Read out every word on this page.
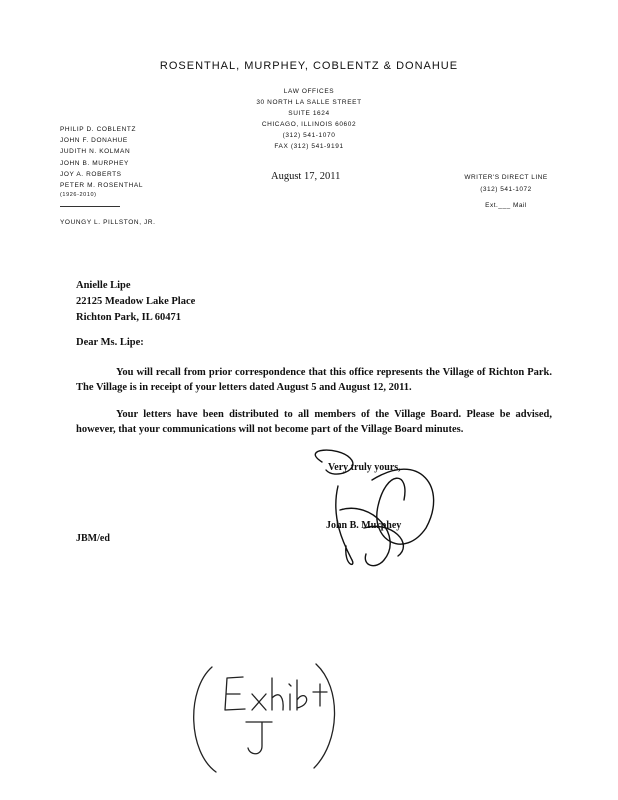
ROSENTHAL, MURPHEY, COBLENTZ & DONAHUE
LAW OFFICES
30 NORTH LA SALLE STREET
SUITE 1624
CHICAGO, ILLINOIS 60602
(312) 541-1070
FAX (312) 541-9191
PHILIP D. COBLENTZ
JOHN F. DONAHUE
JUDITH N. KOLMAN
JOHN B. MURPHEY
JOY A. ROBERTS
PETER M. ROSENTHAL
(1926-2010)
YOUNGY L. PILLSTON, JR.
August 17, 2011	WRITER'S DIRECT LINE
(312) 541-1072
Ext.___ Mail
Anielle Lipe
22125 Meadow Lake Place
Richton Park, IL 60471
Dear Ms. Lipe:
You will recall from prior correspondence that this office represents the Village of Richton Park. The Village is in receipt of your letters dated August 5 and August 12, 2011.
Your letters have been distributed to all members of the Village Board. Please be advised, however, that your communications will not become part of the Village Board minutes.
Very truly yours,
John B. Murphey
JBM/ed
